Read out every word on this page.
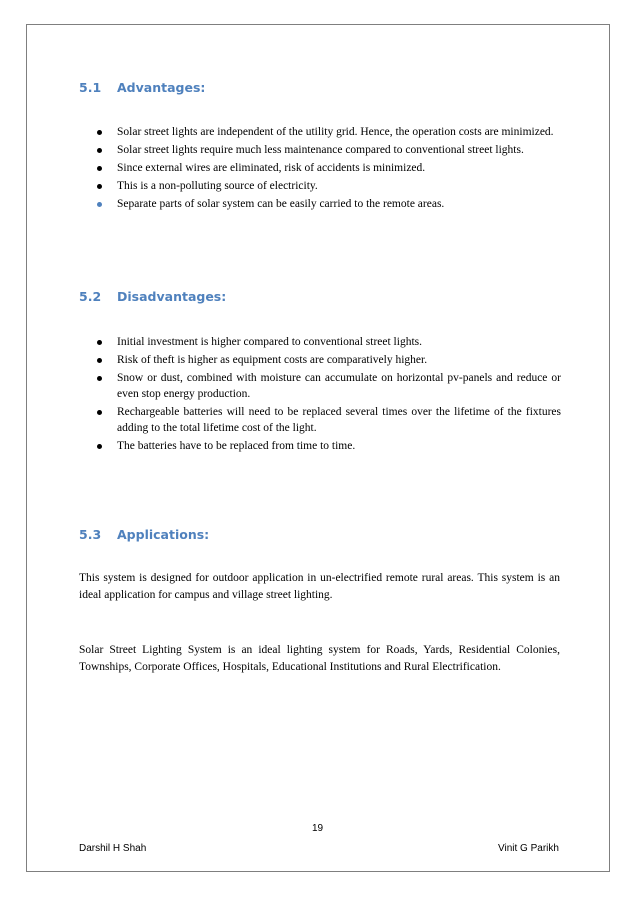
5.1 Advantages:
Solar street lights are independent of the utility grid. Hence, the operation costs are minimized.
Solar street lights require much less maintenance compared to conventional street lights.
Since external wires are eliminated, risk of accidents is minimized.
This is a non-polluting source of electricity.
Separate parts of solar system can be easily carried to the remote areas.
5.2 Disadvantages:
Initial investment is higher compared to conventional street lights.
Risk of theft is higher as equipment costs are comparatively higher.
Snow or dust, combined with moisture can accumulate on horizontal pv-panels and reduce or even stop energy production.
Rechargeable batteries will need to be replaced several times over the lifetime of the fixtures adding to the total lifetime cost of the light.
The batteries have to be replaced from time to time.
5.3 Applications:

This system is designed for outdoor application in un-electrified remote rural areas. This system is an ideal application for campus and village street lighting.

Solar Street Lighting System is an ideal lighting system for Roads, Yards, Residential Colonies, Townships, Corporate Offices, Hospitals, Educational Institutions and Rural Electrification.

19
Darshil H Shah	Vinit G Parikh
